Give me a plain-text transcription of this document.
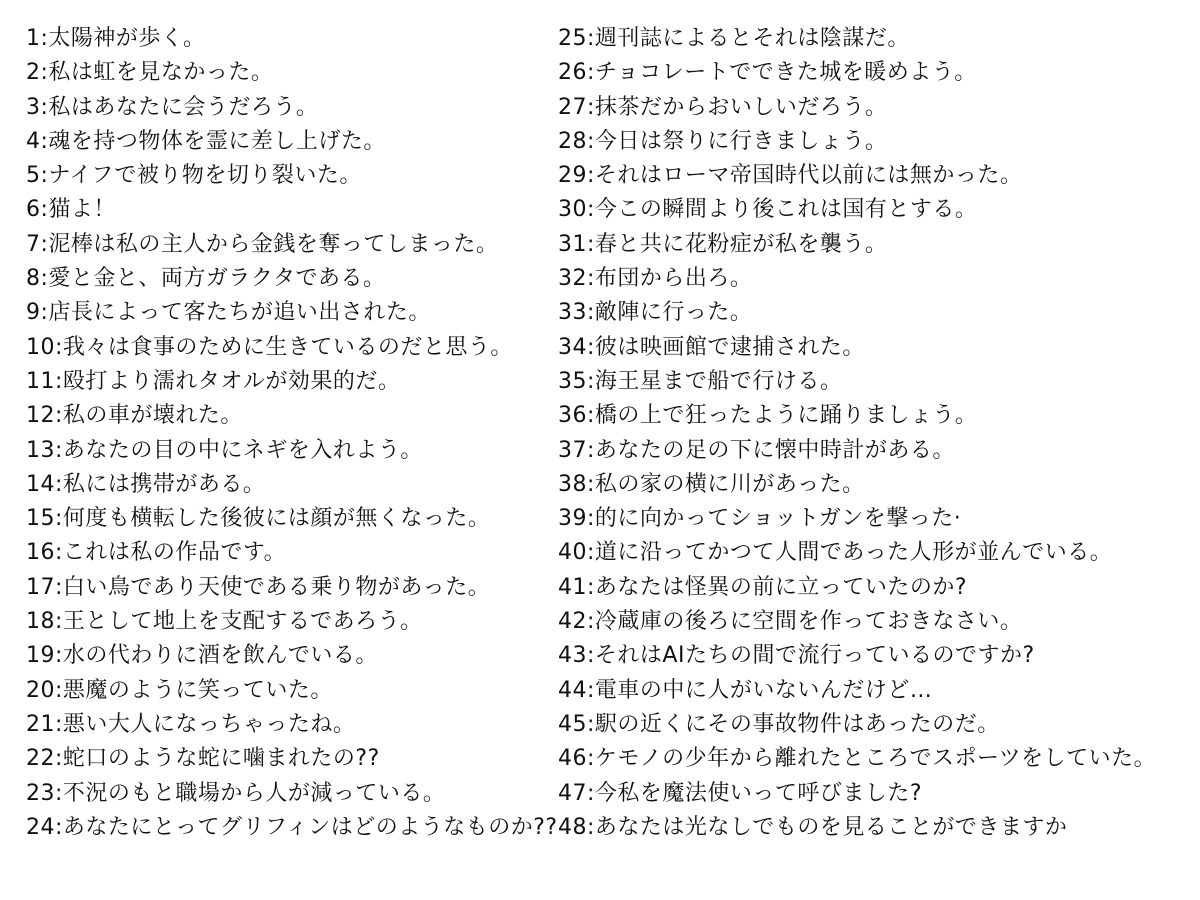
1:太陽神が歩く。
2:私は虹を見なかった。
3:私はあなたに会うだろう。
4:魂を持つ物体を霊に差し上げた。
5:ナイフで被り物を切り裂いた。
6:猫よ！
7:泥棒は私の主人から金銭を奪ってしまった。
8:愛と金と、両方ガラクタである。
9:店長によって客たちが追い出された。
10:我々は食事のために生きているのだと思う。
11:殴打より濡れタオルが効果的だ。
12:私の車が壊れた。
13:あなたの目の中にネギを入れよう。
14:私には携帯がある。
15:何度も横転した後彼には顔が無くなった。
16:これは私の作品です。
17:白い鳥であり天使である乗り物があった。
18:王として地上を支配するであろう。
19:水の代わりに酒を飲んでいる。
20:悪魔のように笑っていた。
21:悪い大人になっちゃったね。
22:蛇口のような蛇に噛まれたの??
23:不況のもと職場から人が減っている。
24:あなたにとってグリフィンはどのようなものか??
25:週刊誌によるとそれは陰謀だ。
26:チョコレートでできた城を暖めよう。
27:抹茶だからおいしいだろう。
28:今日は祭りに行きましょう。
29:それはローマ帝国時代以前には無かった。
30:今この瞬間より後これは国有とする。
31:春と共に花粉症が私を襲う。
32:布団から出ろ。
33:敵陣に行った。
34:彼は映画館で逮捕された。
35:海王星まで船で行ける。
36:橋の上で狂ったように踊りましょう。
37:あなたの足の下に懐中時計がある。
38:私の家の横に川があった。
39:的に向かってショットガンを撃った·
40:道に沿ってかつて人間であった人形が並んでいる。
41:あなたは怪異の前に立っていたのか?
42:冷蔵庫の後ろに空間を作っておきなさい。
43:それはAIたちの間で流行っているのですか?
44:電車の中に人がいないんだけど…
45:駅の近くにその事故物件はあったのだ。
46:ケモノの少年から離れたところでスポーツをしていた。
47:今私を魔法使いって呼びました?
48:あなたは光なしでものを見ることができますか
